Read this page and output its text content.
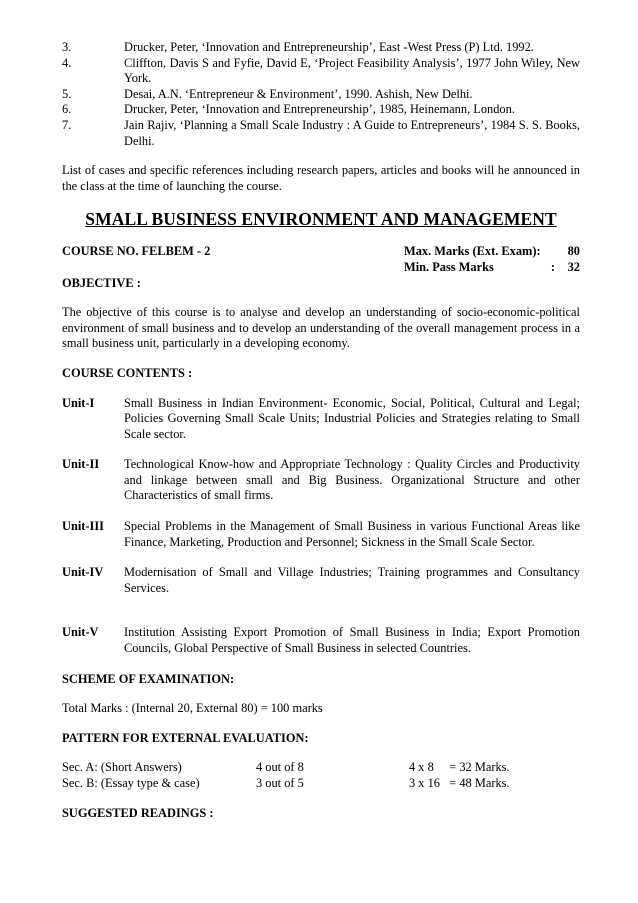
3.	Drucker, Peter, ‘Innovation and Entrepreneurship’, East -West Press (P) Ltd. 1992.
4.	Cliffton, Davis S and Fyfie, David E, ‘Project Feasibility Analysis’, 1977 John Wiley, New York.
5.	Desai, A.N. ‘Entrepreneur & Environment’, 1990. Ashish, New Delhi.
6.	Drucker, Peter, ‘Innovation and Entrepreneurship’, 1985, Heinemann, London.
7.	Jain Rajiv, ‘Planning a Small Scale Industry : A Guide to Entrepreneurs’, 1984 S. S. Books, Delhi.
List of cases and specific references including research papers, articles and books will he announced in the class at the time of launching the course.
SMALL BUSINESS ENVIRONMENT AND MANAGEMENT
COURSE NO. FELBEM - 2	Max. Marks (Ext. Exam):	80
Min. Pass Marks	:	32
OBJECTIVE :
The objective of this course is to analyse and develop an understanding of socio-economic-political environment of small business and to develop an understanding of the overall management process in a small business unit, particularly in a developing economy.
COURSE CONTENTS :
Unit-I	Small Business in Indian Environment- Economic, Social, Political, Cultural and Legal; Policies Governing Small Scale Units; Industrial Policies and Strategies relating to Small Scale sector.
Unit-II	Technological Know-how and Appropriate Technology : Quality Circles and Productivity and linkage between small and Big Business. Organizational Structure and other Characteristics of small firms.
Unit-III	Special Problems in the Management of Small Business in various Functional Areas like Finance, Marketing, Production and Personnel; Sickness in the Small Scale Sector.
Unit-IV	Modernisation of Small and Village Industries; Training programmes and Consultancy Services.
Unit-V	Institution Assisting Export Promotion of Small Business in India; Export Promotion Councils, Global Perspective of Small Business in selected Countries.
SCHEME OF EXAMINATION:
Total Marks : (Internal 20, External 80) = 100 marks
PATTERN FOR EXTERNAL EVALUATION:
Sec. A: (Short Answers)	4 out of 8	4 x 8     = 32 Marks.
Sec. B: (Essay type & case)	3 out of 5	3 x 16   = 48 Marks.
SUGGESTED READINGS :
